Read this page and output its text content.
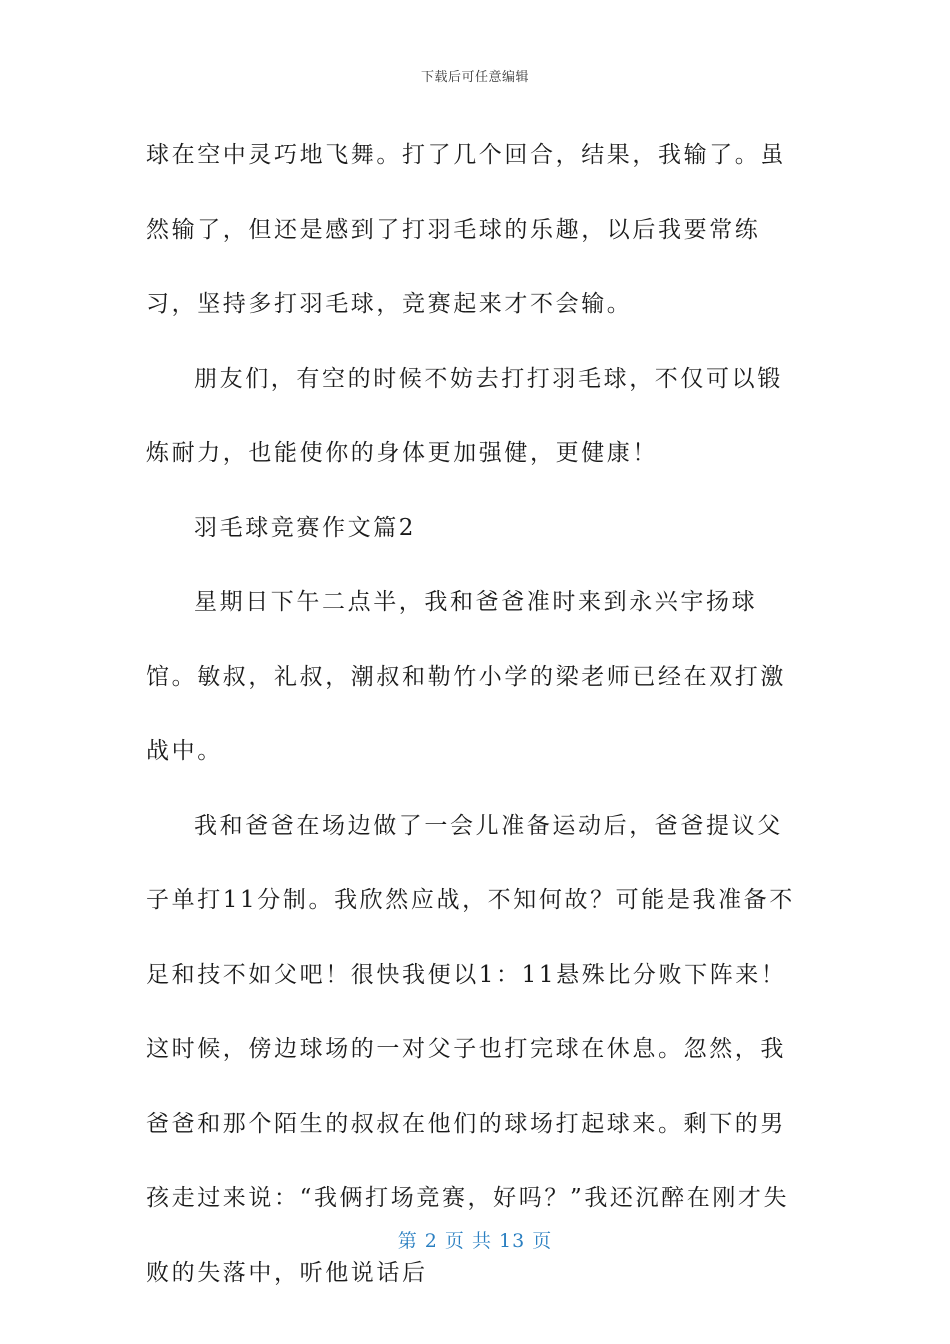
下载后可任意编辑

球在空中灵巧地飞舞。打了几个回合，结果，我输了。虽然输了，但还是感到了打羽毛球的乐趣，以后我要常练习，坚持多打羽毛球，竞赛起来才不会输。

朋友们，有空的时候不妨去打打羽毛球，不仅可以锻炼耐力，也能使你的身体更加强健，更健康！

羽毛球竞赛作文篇2

星期日下午二点半，我和爸爸准时来到永兴宇扬球馆。敏叔，礼叔，潮叔和勒竹小学的梁老师已经在双打激战中。

我和爸爸在场边做了一会儿准备运动后，爸爸提议父子单打11分制。我欣然应战，不知何故？可能是我准备不足和技不如父吧！很快我便以1：11悬殊比分败下阵来！这时候，傍边球场的一对父子也打完球在休息。忽然，我爸爸和那个陌生的叔叔在他们的球场打起球来。剩下的男孩走过来说：“我俩打场竞赛，好吗？”我还沉醉在刚才失败的失落中，听他说话后

第 2 页 共 13 页
